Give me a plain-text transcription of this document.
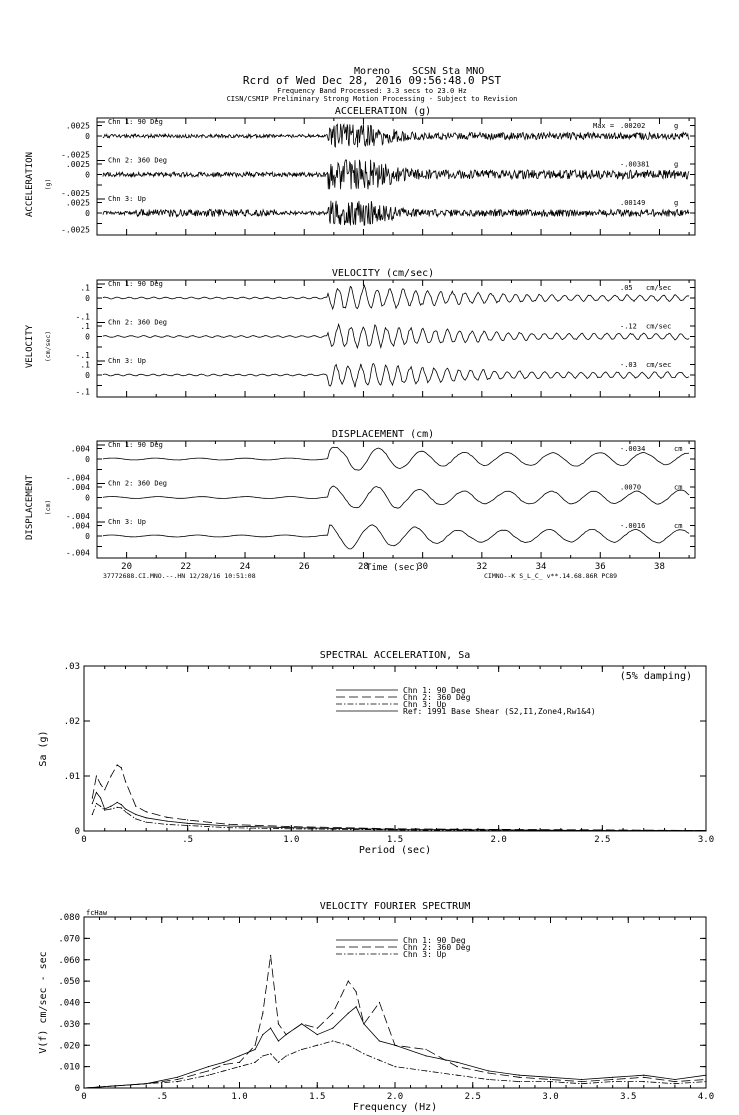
Moreno SCSN Sta MNO
Rcrd of Wed Dec 28, 2016 09:56:48.0 PST
Frequency Band Processed: 3.3 secs to 23.0 Hz
CISN/CSMIP Preliminary Strong Motion Processing - Subject to Revision
ACCELERATION (g)
ACCELERATION (g)
.0025
0
Chn 1: 90 Deg	Max = .00202	g
-.0025
.0025
0
Chn 2: 360 Deg	-.00381	g
-.0025
.0025
0
-.0025
Chn 3: Up	.00149	g
VELOCITY (cm/sec)
VELOCITY (cm/sec)
.1
0
Chn 1: 90 Deg	.05 cm/sec
-.1
.1
0
Chn 2: 360 Deg	-.12 cm/sec
-.1
.1
0
-.1
Chn 3: Up	-.03 cm/sec
DISPLACEMENT (cm)
DISPLACEMENT (cm)
.004
0
Chn 1: 90 Deg	-.0034	cm
-.004
.004
0
Chn 2: 360 Deg	.0070	cm
-.004
.004
0
-.004
Chn 3: Up	-.0016	cm
20	22	24	26	28	30	32	34	36	38
Time (sec)
37772688.CI.MNO.--.HN 12/28/16 10:51:08	CIMNO--K S_L_C_ v**.14.68.86R PC89
SPECTRAL ACCELERATION, Sa
0	.5	1.0	1.5	2.0	2.5	3.0
0
.01
.02
.03
Period (sec)
Sa (g)
(5% damping)
Chn 1: 90 Deg
Chn 2: 360 Deg
Chn 3: Up
Ref: 1991 Base Shear (S2,I1,Zone4,Rw1&4)
VELOCITY FOURIER SPECTRUM
0	.5	1.0	1.5	2.0	2.5	3.0	3.5	4.0
0
.010
.020
.030
.040
.050
.060
.070
.080
Frequency (Hz)
V(f) cm/sec - sec
fcHaw
Chn 1: 90 Deg
Chn 2: 360 Deg
Chn 3: Up
